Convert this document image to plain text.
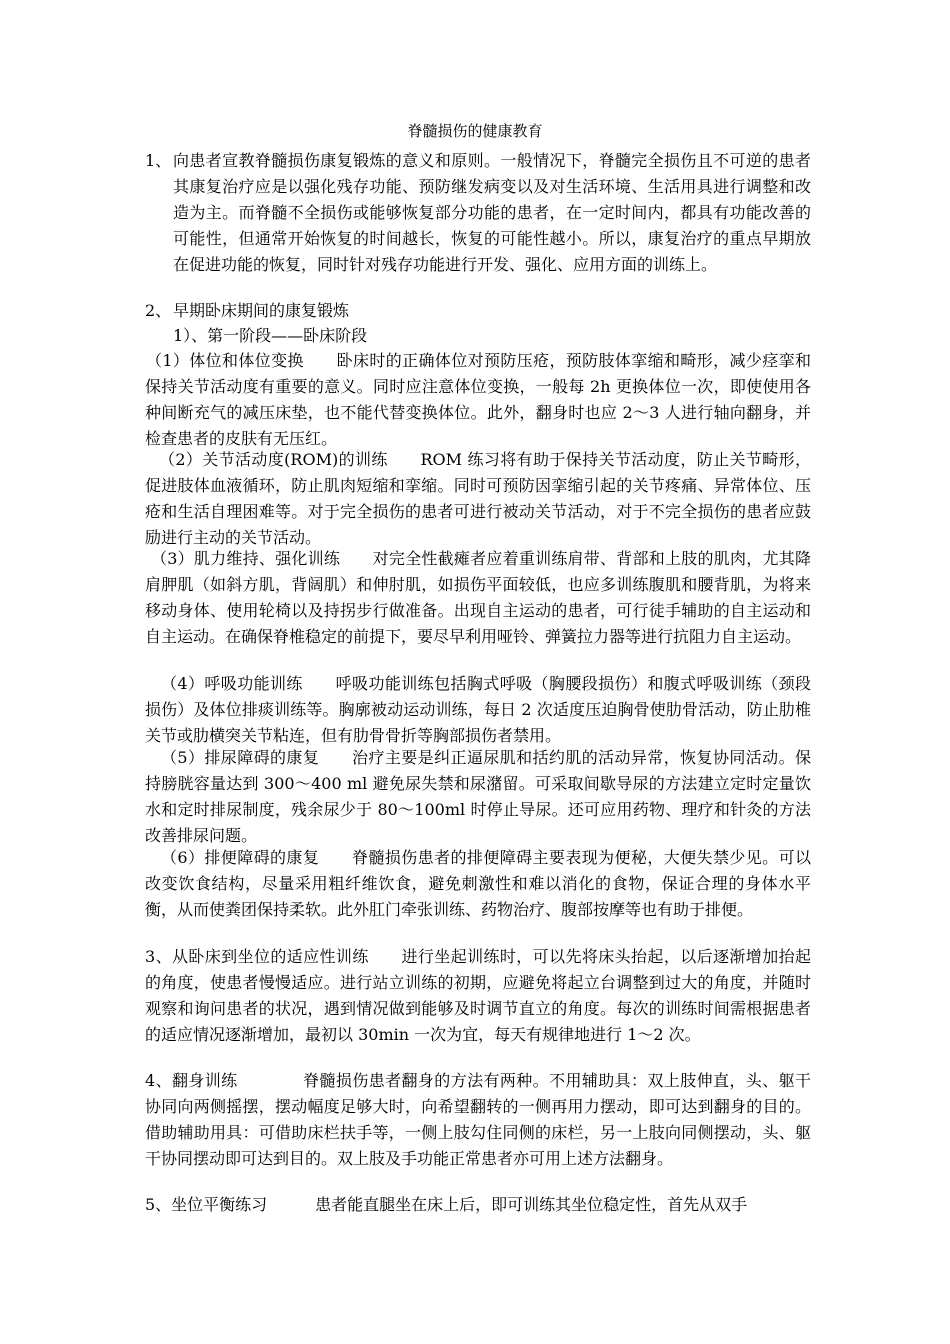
脊髓损伤的健康教育
1、 向患者宣教脊髓损伤康复锻炼的意义和原则。一般情况下，脊髓完全损伤且不可逆的患者其康复治疗应是以强化残存功能、预防继发病变以及对生活环境、生活用具进行调整和改造为主。而脊髓不全损伤或能够恢复部分功能的患者，在一定时间内，都具有功能改善的可能性，但通常开始恢复的时间越长，恢复的可能性越小。所以，康复治疗的重点早期放在促进功能的恢复，同时针对残存功能进行开发、强化、应用方面的训练上。
2、 早期卧床期间的康复锻炼
1）、第一阶段——卧床阶段
（1）体位和体位变换　　卧床时的正确体位对预防压疮，预防肢体挛缩和畸形，减少痉挛和保持关节活动度有重要的意义。同时应注意体位变换，一般每 2h 更换体位一次，即使使用各种间断充气的减压床垫，也不能代替变换体位。此外，翻身时也应 2～3 人进行轴向翻身，并检查患者的皮肤有无压红。
（2）关节活动度(ROM)的训练　　ROM 练习将有助于保持关节活动度，防止关节畸形，促进肢体血液循环，防止肌肉短缩和挛缩。同时可预防因挛缩引起的关节疼痛、异常体位、压疮和生活自理困难等。对于完全损伤的患者可进行被动关节活动，对于不完全损伤的患者应鼓励进行主动的关节活动。
（3）肌力维持、强化训练　　对完全性截瘫者应着重训练肩带、背部和上肢的肌肉，尤其降肩胛肌（如斜方肌，背阔肌）和伸肘肌，如损伤平面较低，也应多训练腹肌和腰背肌，为将来移动身体、使用轮椅以及持拐步行做准备。出现自主运动的患者，可行徒手辅助的自主运动和自主运动。在确保脊椎稳定的前提下，要尽早利用哑铃、弹簧拉力器等进行抗阻力自主运动。
（4）呼吸功能训练　　呼吸功能训练包括胸式呼吸（胸腰段损伤）和腹式呼吸训练（颈段损伤）及体位排痰训练等。胸廓被动运动训练，每日 2 次适度压迫胸骨使肋骨活动，防止肋椎关节或肋横突关节粘连，但有肋骨骨折等胸部损伤者禁用。
（5）排尿障碍的康复　　治疗主要是纠正逼尿肌和括约肌的活动异常，恢复协同活动。保持膀胱容量达到 300～400 ml 避免尿失禁和尿潴留。可采取间歇导尿的方法建立定时定量饮水和定时排尿制度，残余尿少于 80～100ml 时停止导尿。还可应用药物、理疗和针灸的方法改善排尿问题。
（6）排便障碍的康复　　脊髓损伤患者的排便障碍主要表现为便秘，大便失禁少见。可以改变饮食结构，尽量采用粗纤维饮食，避免刺激性和难以消化的食物，保证合理的身体水平衡，从而使粪团保持柔软。此外肛门牵张训练、药物治疗、腹部按摩等也有助于排便。
3、从卧床到坐位的适应性训练　　进行坐起训练时，可以先将床头抬起，以后逐渐增加抬起的角度，使患者慢慢适应。进行站立训练的初期，应避免将起立台调整到过大的角度，并随时观察和询问患者的状况，遇到情况做到能够及时调节直立的角度。每次的训练时间需根据患者的适应情况逐渐增加，最初以 30min 一次为宜，每天有规律地进行 1～2 次。
4、翻身训练　　　　脊髓损伤患者翻身的方法有两种。不用辅助具：双上肢伸直，头、躯干协同向两侧摇摆，摆动幅度足够大时，向希望翻转的一侧再用力摆动，即可达到翻身的目的。借助辅助用具：可借助床栏扶手等，一侧上肢勾住同侧的床栏，另一上肢向同侧摆动，头、躯干协同摆动即可达到目的。双上肢及手功能正常患者亦可用上述方法翻身。
5、坐位平衡练习　　　患者能直腿坐在床上后，即可训练其坐位稳定性，首先从双手
